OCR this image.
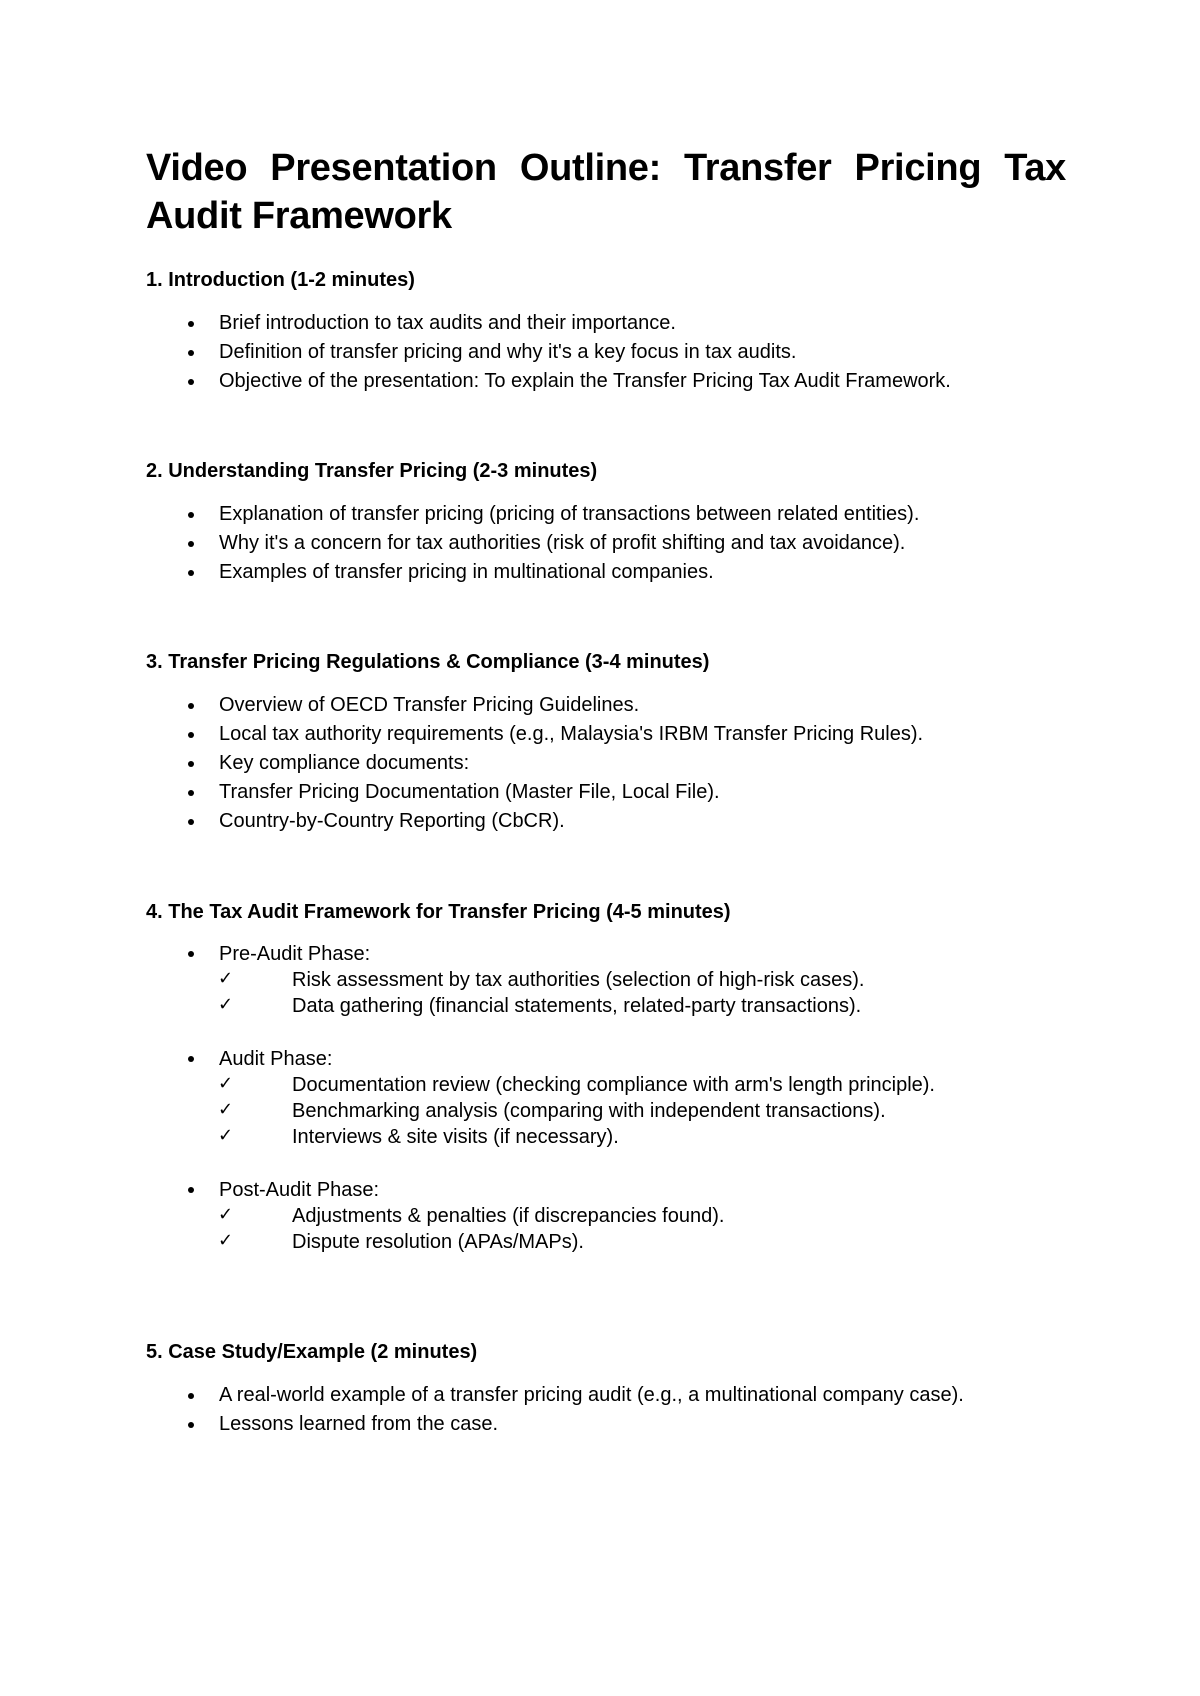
Video Presentation Outline: Transfer Pricing Tax Audit Framework
1. Introduction (1-2 minutes)
Brief introduction to tax audits and their importance.
Definition of transfer pricing and why it's a key focus in tax audits.
Objective of the presentation: To explain the Transfer Pricing Tax Audit Framework.
2. Understanding Transfer Pricing (2-3 minutes)
Explanation of transfer pricing (pricing of transactions between related entities).
Why it's a concern for tax authorities (risk of profit shifting and tax avoidance).
Examples of transfer pricing in multinational companies.
3. Transfer Pricing Regulations & Compliance (3-4 minutes)
Overview of OECD Transfer Pricing Guidelines.
Local tax authority requirements (e.g., Malaysia's IRBM Transfer Pricing Rules).
Key compliance documents:
Transfer Pricing Documentation (Master File, Local File).
Country-by-Country Reporting (CbCR).
4. The Tax Audit Framework for Transfer Pricing (4-5 minutes)
Pre-Audit Phase:
✓	Risk assessment by tax authorities (selection of high-risk cases).
✓	Data gathering (financial statements, related-party transactions).
Audit Phase:
✓	Documentation review (checking compliance with arm's length principle).
✓	Benchmarking analysis (comparing with independent transactions).
✓	Interviews & site visits (if necessary).
Post-Audit Phase:
✓	Adjustments & penalties (if discrepancies found).
✓	Dispute resolution (APAs/MAPs).
5. Case Study/Example (2 minutes)
A real-world example of a transfer pricing audit (e.g., a multinational company case).
Lessons learned from the case.
